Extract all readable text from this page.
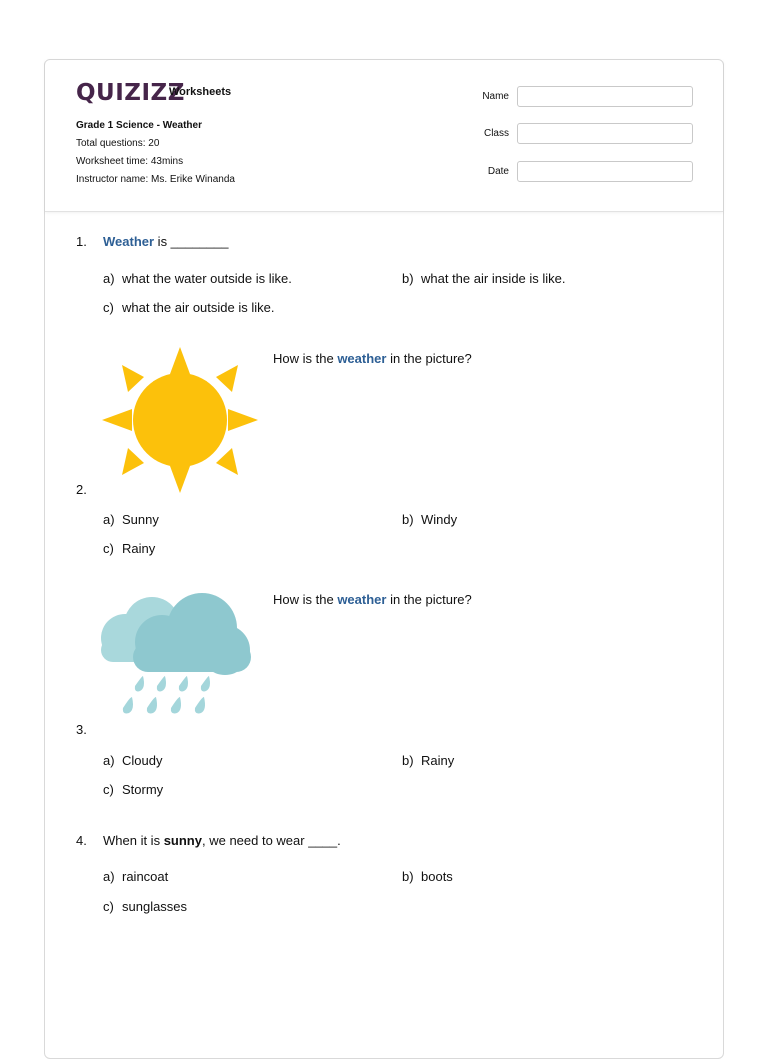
QUIZIZZ
Worksheets
Grade 1 Science - Weather
Total questions: 20
Worksheet time: 43mins
Instructor name: Ms. Erike Winanda
Name
Class
Date
1. Weather is ________
a) what the water outside is like.	b) what the air inside is like.
c) what the air outside is like.
How is the weather in the picture?
2.
a) Sunny	b) Windy
c) Rainy
How is the weather in the picture?
3.
a) Cloudy	b) Rainy
c) Stormy
4. When it is sunny, we need to wear ____.
a) raincoat	b) boots
c) sunglasses
